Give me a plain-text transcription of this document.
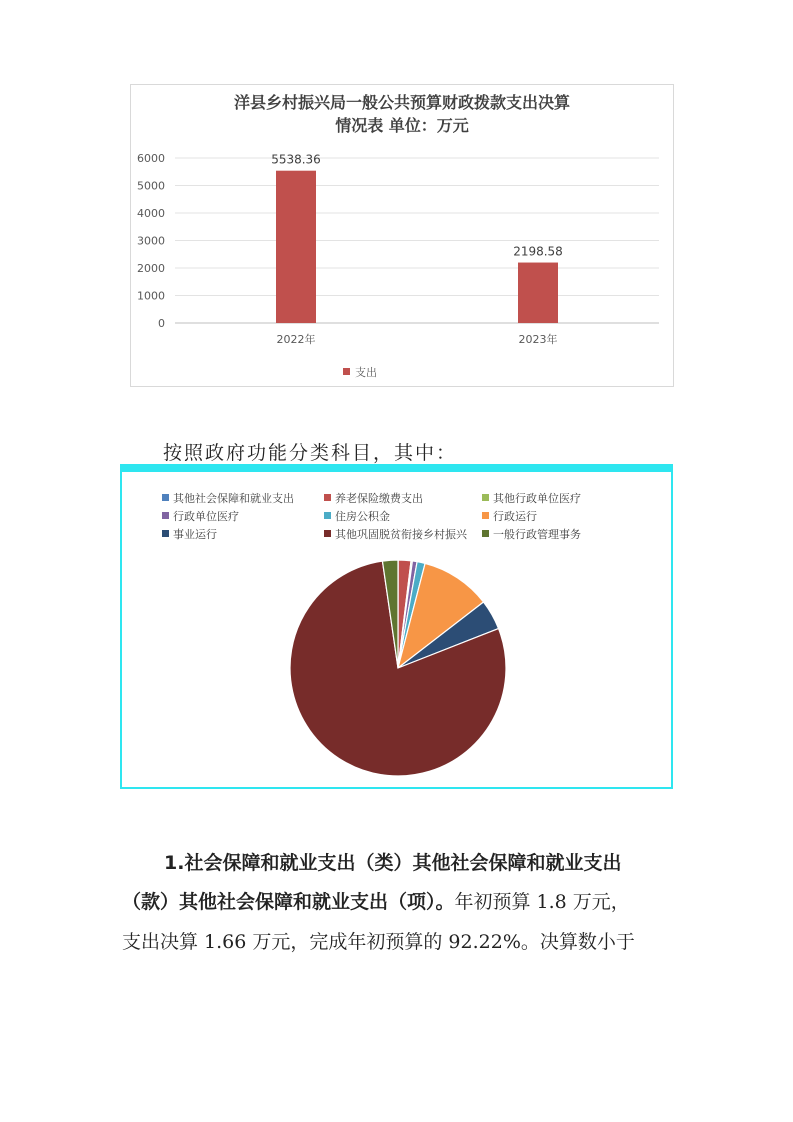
洋县乡村振兴局一般公共预算财政拨款支出决算
情况表 单位：万元
0
1000
2000
3000
4000
5000
6000	5538.36
2022年
2198.58
2023年
支出
按照政府功能分类科目，其中：
其他社会保障和就业支出	养老保险缴费支出	其他行政单位医疗
行政单位医疗	住房公积金	行政运行
事业运行	其他巩固脱贫衔接乡村振兴	一般行政管理事务
1.社会保障和就业支出（类）其他社会保障和就业支出
（款）其他社会保障和就业支出（项）。年初预算 1.8 万元，
支出决算 1.66 万元，完成年初预算的 92.22%。决算数小于
